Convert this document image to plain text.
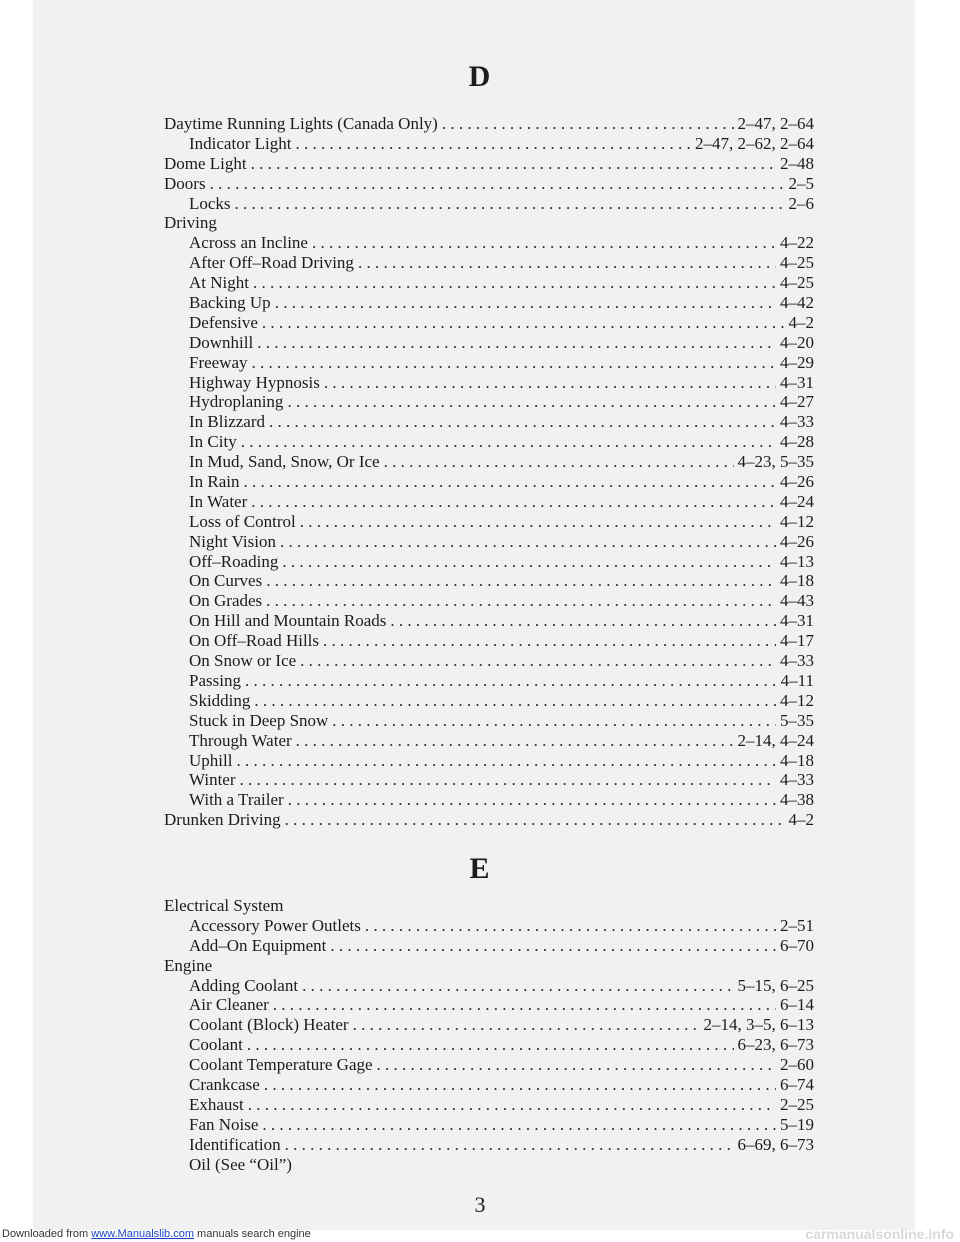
D
Daytime Running Lights (Canada Only) . . .	2–47, 2–64
Indicator Light . . .	2–47, 2–62, 2–64
Dome Light . . .	2–48
Doors . . .	2–5
Locks . . .	2–6
Driving
Across an Incline . . .	4–22
After Off–Road Driving . . .	4–25
At Night . . .	4–25
Backing Up . . .	4–42
Defensive . . .	4–2
Downhill . . .	4–20
Freeway . . .	4–29
Highway Hypnosis . . .	4–31
Hydroplaning . . .	4–27
In Blizzard . . .	4–33
In City . . .	4–28
In Mud, Sand, Snow, Or Ice . . .	4–23, 5–35
In Rain . . .	4–26
In Water . . .	4–24
Loss of Control . . .	4–12
Night Vision . . .	4–26
Off–Roading . . .	4–13
On Curves . . .	4–18
On Grades . . .	4–43
On Hill and Mountain Roads . . .	4–31
On Off–Road Hills . . .	4–17
On Snow or Ice . . .	4–33
Passing . . .	4–11
Skidding . . .	4–12
Stuck in Deep Snow . . .	5–35
Through Water . . .	2–14, 4–24
Uphill . . .	4–18
Winter . . .	4–33
With a Trailer . . .	4–38
Drunken Driving . . .	4–2
E
Electrical System
Accessory Power Outlets . . .	2–51
Add–On Equipment . . .	6–70
Engine
Adding Coolant . . .	5–15, 6–25
Air Cleaner . . .	6–14
Coolant (Block) Heater . . .	2–14, 3–5, 6–13
Coolant . . .	6–23, 6–73
Coolant Temperature Gage . . .	2–60
Crankcase . . .	6–74
Exhaust . . .	2–25
Fan Noise . . .	5–19
Identification . . .	6–69, 6–73
Oil (See “Oil”)
3
Downloaded from www.Manualslib.com manuals search engine	carmanualsonline.info
